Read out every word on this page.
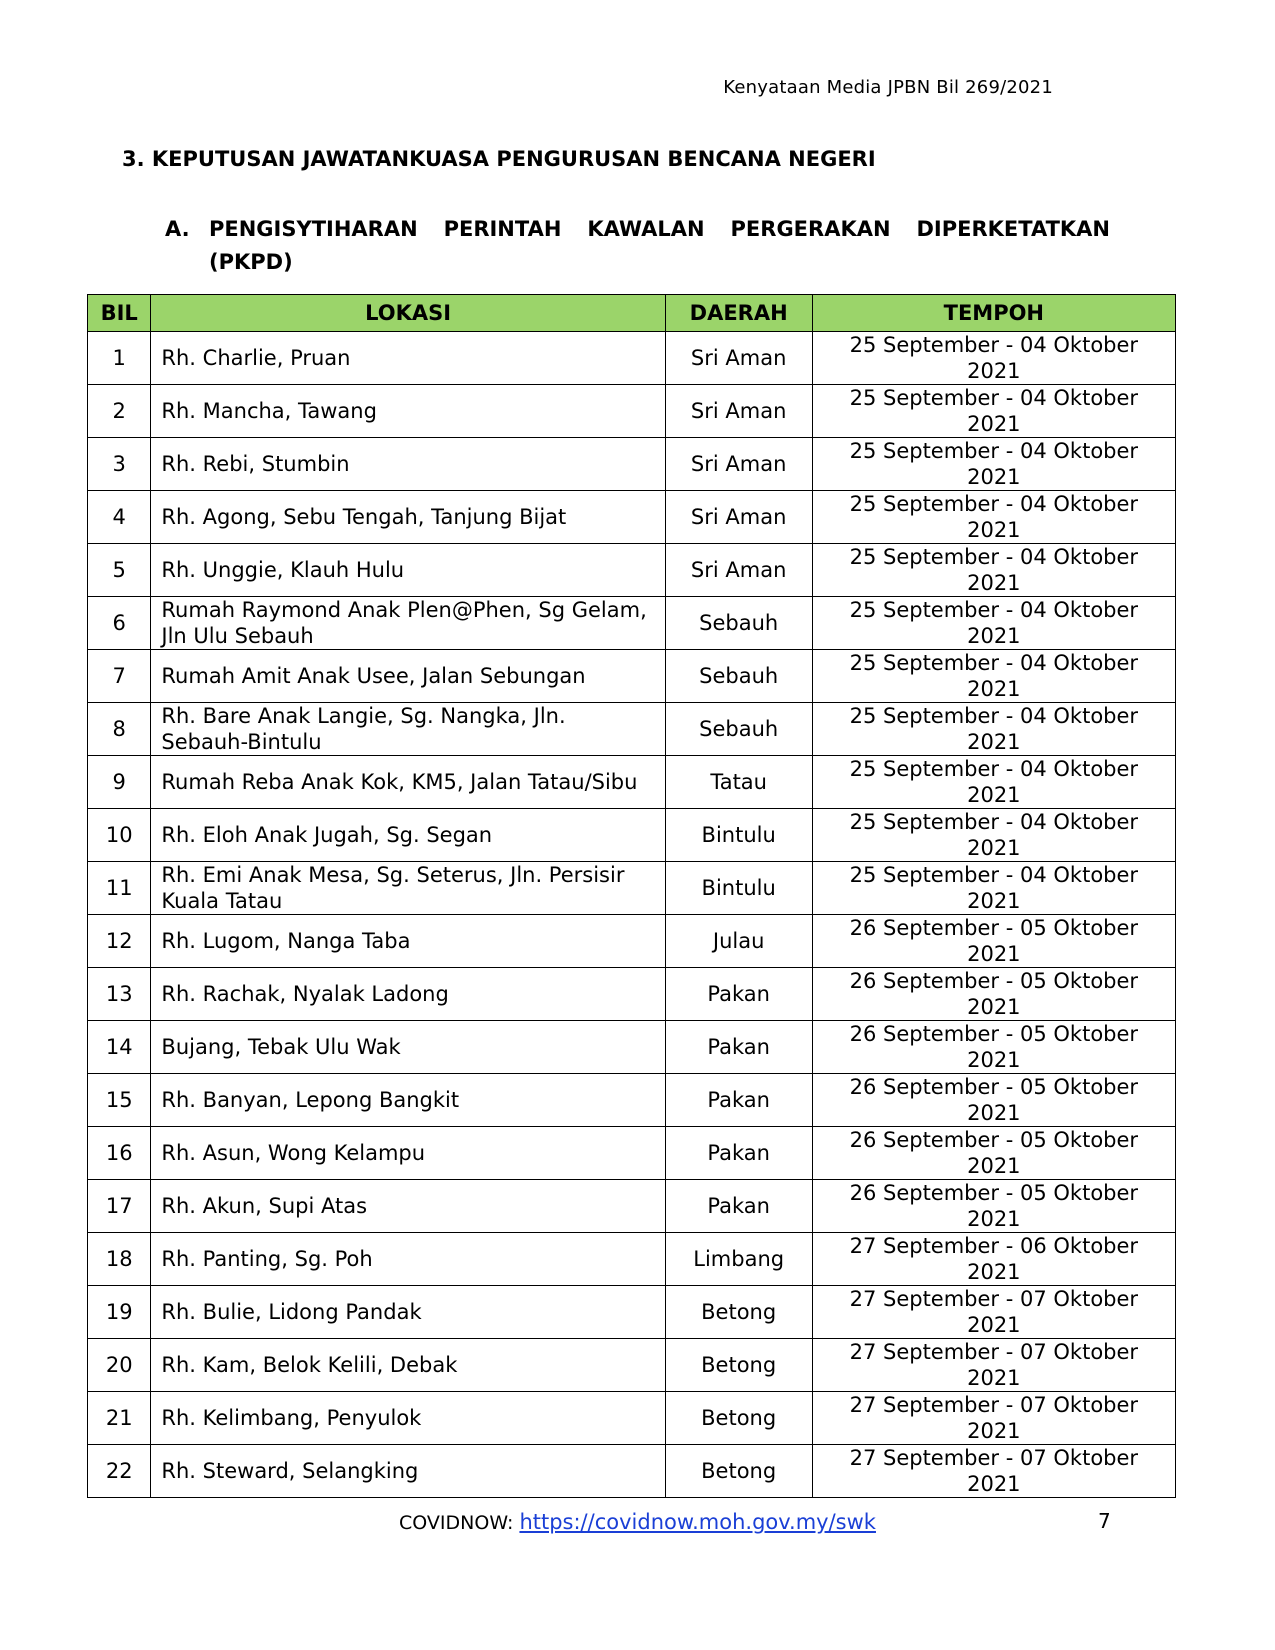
Kenyataan Media JPBN Bil 269/2021
3. KEPUTUSAN JAWATANKUASA PENGURUSAN BENCANA NEGERI
A. PENGISYTIHARAN PERINTAH KAWALAN PERGERAKAN DIPERKETATKAN
(PKPD)
BIL	LOKASI	DAERAH	TEMPOH
1	Rh. Charlie, Pruan	Sri Aman	25 September - 04 Oktober 2021
2	Rh. Mancha, Tawang	Sri Aman	25 September - 04 Oktober 2021
3	Rh. Rebi, Stumbin	Sri Aman	25 September - 04 Oktober 2021
4	Rh. Agong, Sebu Tengah, Tanjung Bijat	Sri Aman	25 September - 04 Oktober 2021
5	Rh. Unggie, Klauh Hulu	Sri Aman	25 September - 04 Oktober 2021
6	Rumah Raymond Anak Plen@Phen, Sg Gelam, Jln Ulu Sebauh	Sebauh	25 September - 04 Oktober 2021
7	Rumah Amit Anak Usee, Jalan Sebungan	Sebauh	25 September - 04 Oktober 2021
8	Rh. Bare Anak Langie, Sg. Nangka, Jln. Sebauh-Bintulu	Sebauh	25 September - 04 Oktober 2021
9	Rumah Reba Anak Kok, KM5, Jalan Tatau/Sibu	Tatau	25 September - 04 Oktober 2021
10	Rh. Eloh Anak Jugah, Sg. Segan	Bintulu	25 September - 04 Oktober 2021
11	Rh. Emi Anak Mesa, Sg. Seterus, Jln. Persisir Kuala Tatau	Bintulu	25 September - 04 Oktober 2021
12	Rh. Lugom, Nanga Taba	Julau	26 September - 05 Oktober 2021
13	Rh. Rachak, Nyalak Ladong	Pakan	26 September - 05 Oktober 2021
14	Bujang, Tebak Ulu Wak	Pakan	26 September - 05 Oktober 2021
15	Rh. Banyan, Lepong Bangkit	Pakan	26 September - 05 Oktober 2021
16	Rh. Asun, Wong Kelampu	Pakan	26 September - 05 Oktober 2021
17	Rh. Akun, Supi Atas	Pakan	26 September - 05 Oktober 2021
18	Rh. Panting, Sg. Poh	Limbang	27 September - 06 Oktober 2021
19	Rh. Bulie, Lidong Pandak	Betong	27 September - 07 Oktober 2021
20	Rh. Kam, Belok Kelili, Debak	Betong	27 September - 07 Oktober 2021
21	Rh. Kelimbang, Penyulok	Betong	27 September - 07 Oktober 2021
22	Rh. Steward, Selangking	Betong	27 September - 07 Oktober 2021
COVIDNOW: https://covidnow.moh.gov.my/swk	7
